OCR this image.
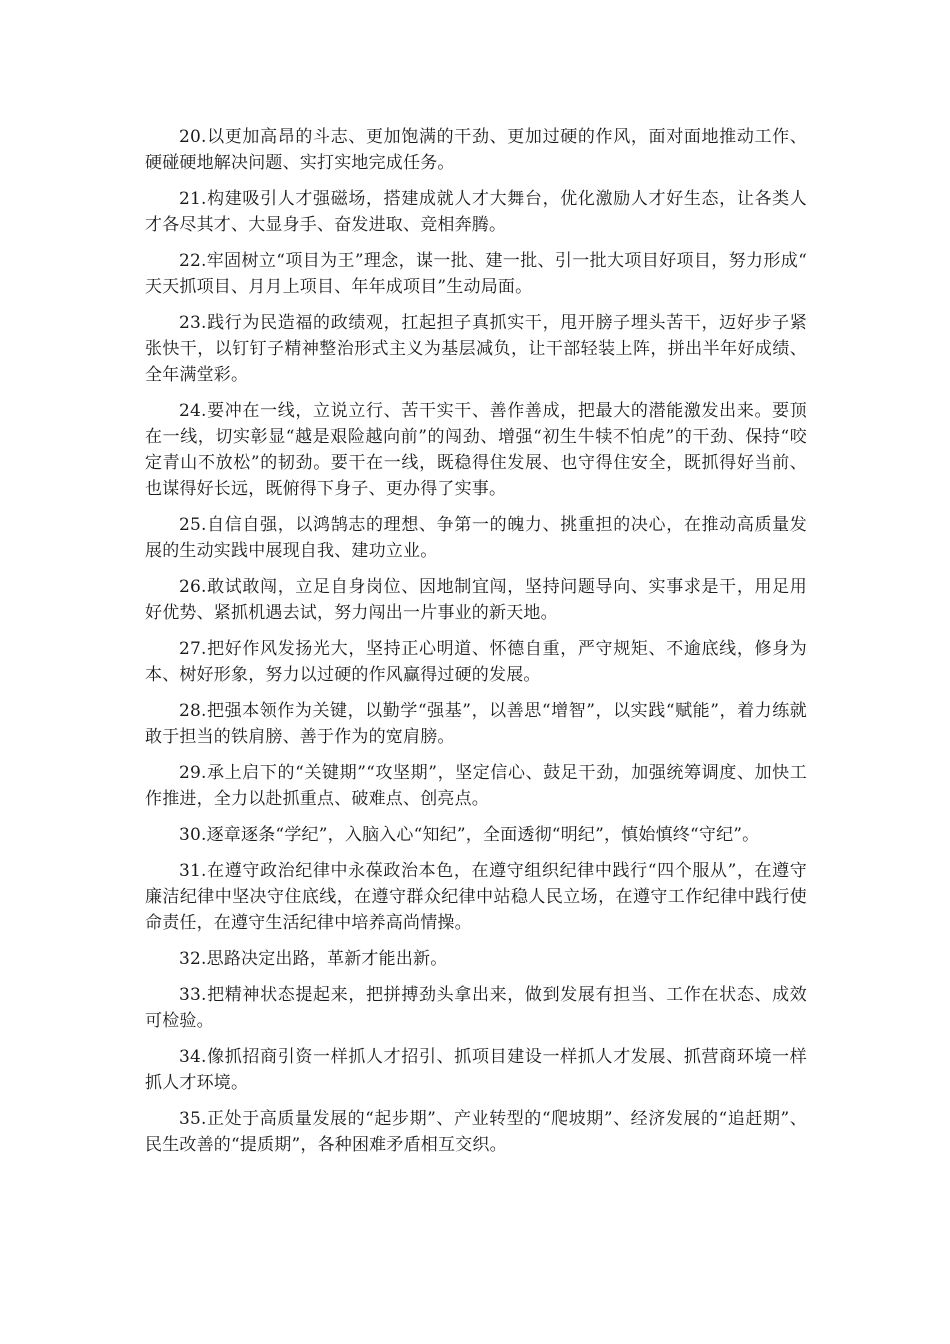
20.以更加高昂的斗志、更加饱满的干劲、更加过硬的作风，面对面地推动工作、硬碰硬地解决问题、实打实地完成任务。

21.构建吸引人才强磁场，搭建成就人才大舞台，优化激励人才好生态，让各类人才各尽其才、大显身手、奋发进取、竞相奔腾。

22.牢固树立“项目为王”理念，谋一批、建一批、引一批大项目好项目，努力形成“天天抓项目、月月上项目、年年成项目”生动局面。

23.践行为民造福的政绩观，扛起担子真抓实干，甩开膀子埋头苦干，迈好步子紧张快干，以钉钉子精神整治形式主义为基层减负，让干部轻装上阵，拼出半年好成绩、全年满堂彩。

24.要冲在一线，立说立行、苦干实干、善作善成，把最大的潜能激发出来。要顶在一线，切实彰显“越是艰险越向前”的闯劲、增强“初生牛犊不怕虎”的干劲、保持“咬定青山不放松”的韧劲。要干在一线，既稳得住发展、也守得住安全，既抓得好当前、也谋得好长远，既俯得下身子、更办得了实事。

25.自信自强，以鸿鹄志的理想、争第一的魄力、挑重担的决心，在推动高质量发展的生动实践中展现自我、建功立业。

26.敢试敢闯，立足自身岗位、因地制宜闯，坚持问题导向、实事求是干，用足用好优势、紧抓机遇去试，努力闯出一片事业的新天地。

27.把好作风发扬光大，坚持正心明道、怀德自重，严守规矩、不逾底线，修身为本、树好形象，努力以过硬的作风赢得过硬的发展。

28.把强本领作为关键，以勤学“强基”，以善思“增智”，以实践“赋能”，着力练就敢于担当的铁肩膀、善于作为的宽肩膀。

29.承上启下的“关键期”“攻坚期”，坚定信心、鼓足干劲，加强统筹调度、加快工作推进，全力以赴抓重点、破难点、创亮点。

30.逐章逐条“学纪”，入脑入心“知纪”，全面透彻“明纪”，慎始慎终“守纪”。

31.在遵守政治纪律中永葆政治本色，在遵守组织纪律中践行“四个服从”，在遵守廉洁纪律中坚决守住底线，在遵守群众纪律中站稳人民立场，在遵守工作纪律中践行使命责任，在遵守生活纪律中培养高尚情操。

32.思路决定出路，革新才能出新。

33.把精神状态提起来，把拼搏劲头拿出来，做到发展有担当、工作在状态、成效可检验。

34.像抓招商引资一样抓人才招引、抓项目建设一样抓人才发展、抓营商环境一样抓人才环境。

35.正处于高质量发展的“起步期”、产业转型的“爬坡期”、经济发展的“追赶期”、民生改善的“提质期”，各种困难矛盾相互交织。
